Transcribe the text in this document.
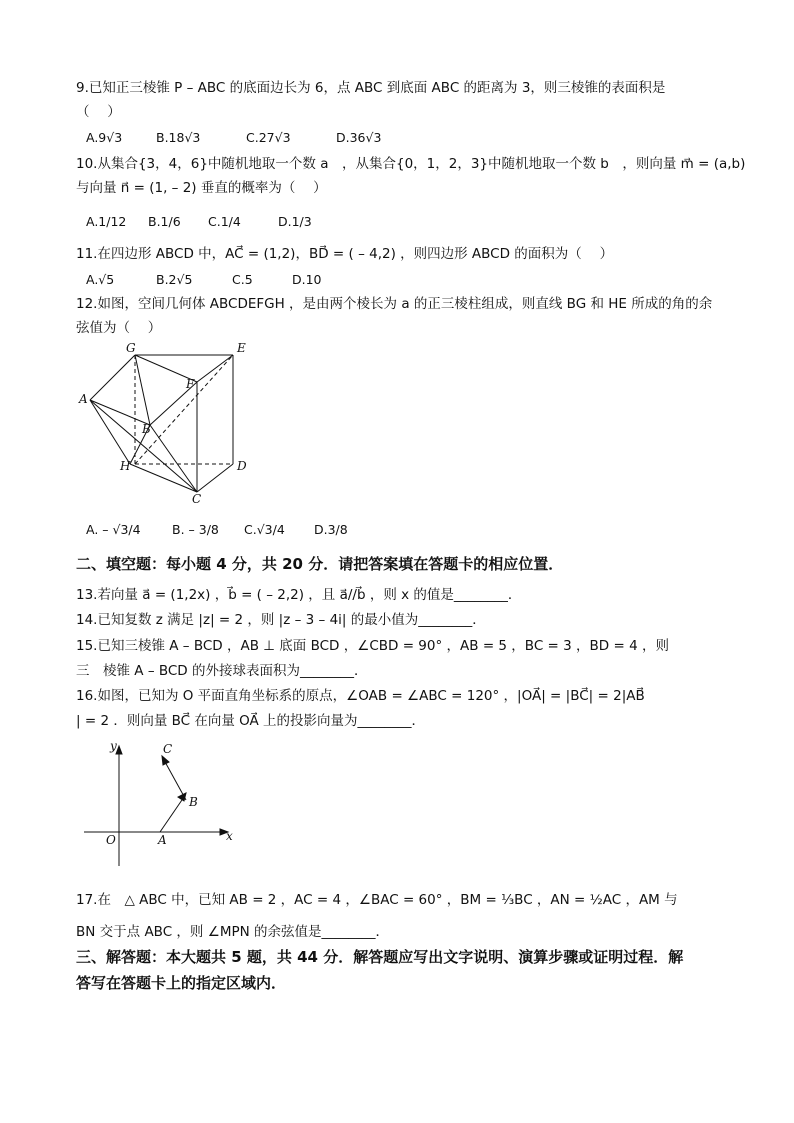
9.已知正三棱锥 P – ABC 的底面边长为 6，点 ABC 到底面 ABC 的距离为 3，则三棱锥的表面积是
（　 ）
A.9√3	B.18√3	C.27√3	D.36√3
10.从集合{3，4，6}中随机地取一个数 a　，从集合{0，1，2，3}中随机地取一个数 b　，则向量 m⃗ = (a,b)
与向量 n⃗ = (1, – 2) 垂直的概率为（　 ）
A.1/12 B.1/6 C.1/4	D.1/3
11.在四边形 ABCD 中，AC⃗ = (1,2)，BD⃗ = ( – 4,2) ，则四边形 ABCD 的面积为（　 ）
A.√5	B.2√5	C.5	D.10
12.如图，空间几何体 ABCDEFGH ，是由两个棱长为 a 的正三棱柱组成，则直线 BG 和 HE 所成的角的余
弦值为（　 ）
G	E
F
A
B
H	D
C
A. – √3/4	B. – 3/8 C.√3/4 D.3/8
二、填空题：每小题 4 分，共 20 分．请把答案填在答题卡的相应位置．
13.若向量 a⃗ = (1,2x) ，b⃗ = ( – 2,2) ，且 a⃗//b⃗ ，则 x 的值是________．
14.已知复数 z 满足 |z| = 2 ，则 |z – 3 – 4i| 的最小值为________．
15.已知三棱锥 A – BCD ，AB ⊥ 底面 BCD ，∠CBD = 90° ，AB = 5 ，BC = 3 ，BD = 4 ，则
三　棱锥 A – BCD 的外接球表面积为________．
16.如图，已知为 O 平面直角坐标系的原点，∠OAB = ∠ABC = 120° ，|OA⃗| = |BC⃗| = 2|AB⃗
| = 2 ．则向量 BC⃗ 在向量 OA⃗ 上的投影向量为________．
y	C
B
O	A	x
17.在　△ ABC 中，已知 AB = 2 ，AC = 4 ，∠BAC = 60° ，BM = ⅓BC ，AN = ½AC ，AM 与
BN 交于点 ABC ，则 ∠MPN 的余弦值是________．
三、解答题：本大题共 5 题，共 44 分．解答题应写出文字说明、演算步骤或证明过程．解
答写在答题卡上的指定区域内．
